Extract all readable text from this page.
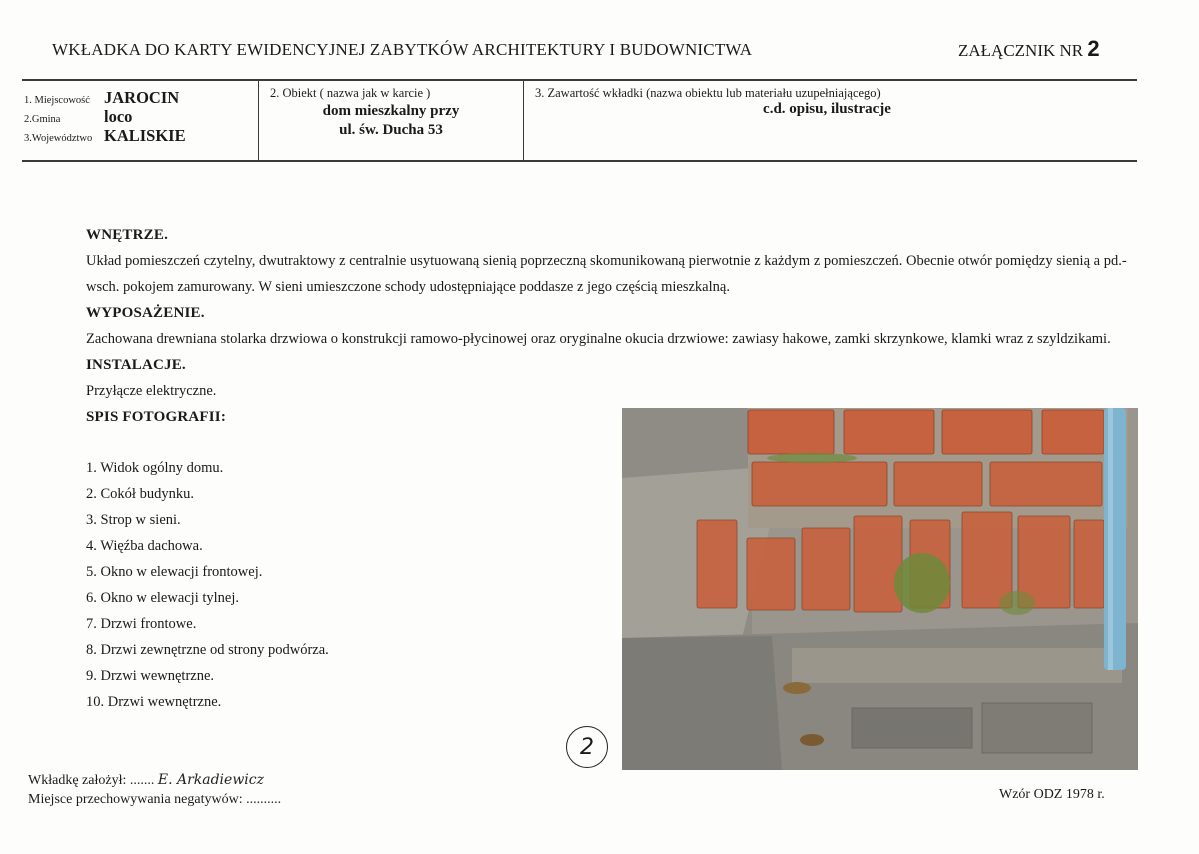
WKŁADKA DO KARTY EWIDENCYJNEJ ZABYTKÓW ARCHITEKTURY I BUDOWNICTWA	ZAŁĄCZNIK NR 2
1. Miejscowość JAROCIN
2.Gmina	loco
3.Województwo KALISKIE
2. Obiekt ( nazwa jak w karcie )
dom mieszkalny przy
ul. św. Ducha 53
3. Zawartość wkładki (nazwa obiektu lub materiału uzupełniającego)
c.d. opisu, ilustracje

WNĘTRZE.

Układ pomieszczeń czytelny, dwutraktowy z centralnie usytuowaną sienią poprzeczną skomunikowaną pierwotnie z każdym z pomieszczeń. Obecnie otwór pomiędzy sienią a pd.-wsch. pokojem zamurowany. W sieni umieszczone schody udostępniające poddasze z jego częścią mieszkalną.

WYPOSAŻENIE.

Zachowana drewniana stolarka drzwiowa o konstrukcji ramowo-płycinowej oraz oryginalne okucia drzwiowe: zawiasy hakowe, zamki skrzynkowe, klamki wraz z szyldzikami.

INSTALACJE.

Przyłącze elektryczne.

SPIS FOTOGRAFII:

1. Widok ogólny domu.
2. Cokół budynku.
3. Strop w sieni.
4. Więźba dachowa.
5. Okno w elewacji frontowej.
6. Okno w elewacji tylnej.
7. Drzwi frontowe.
8. Drzwi zewnętrzne od strony podwórza.
9. Drzwi wewnętrzne.
10. Drzwi wewnętrzne.
2
Wkładkę założył: ....... E. Arkadiewicz
Miejsce przechowywania negatywów: ..........	Wzór ODZ 1978 r.
